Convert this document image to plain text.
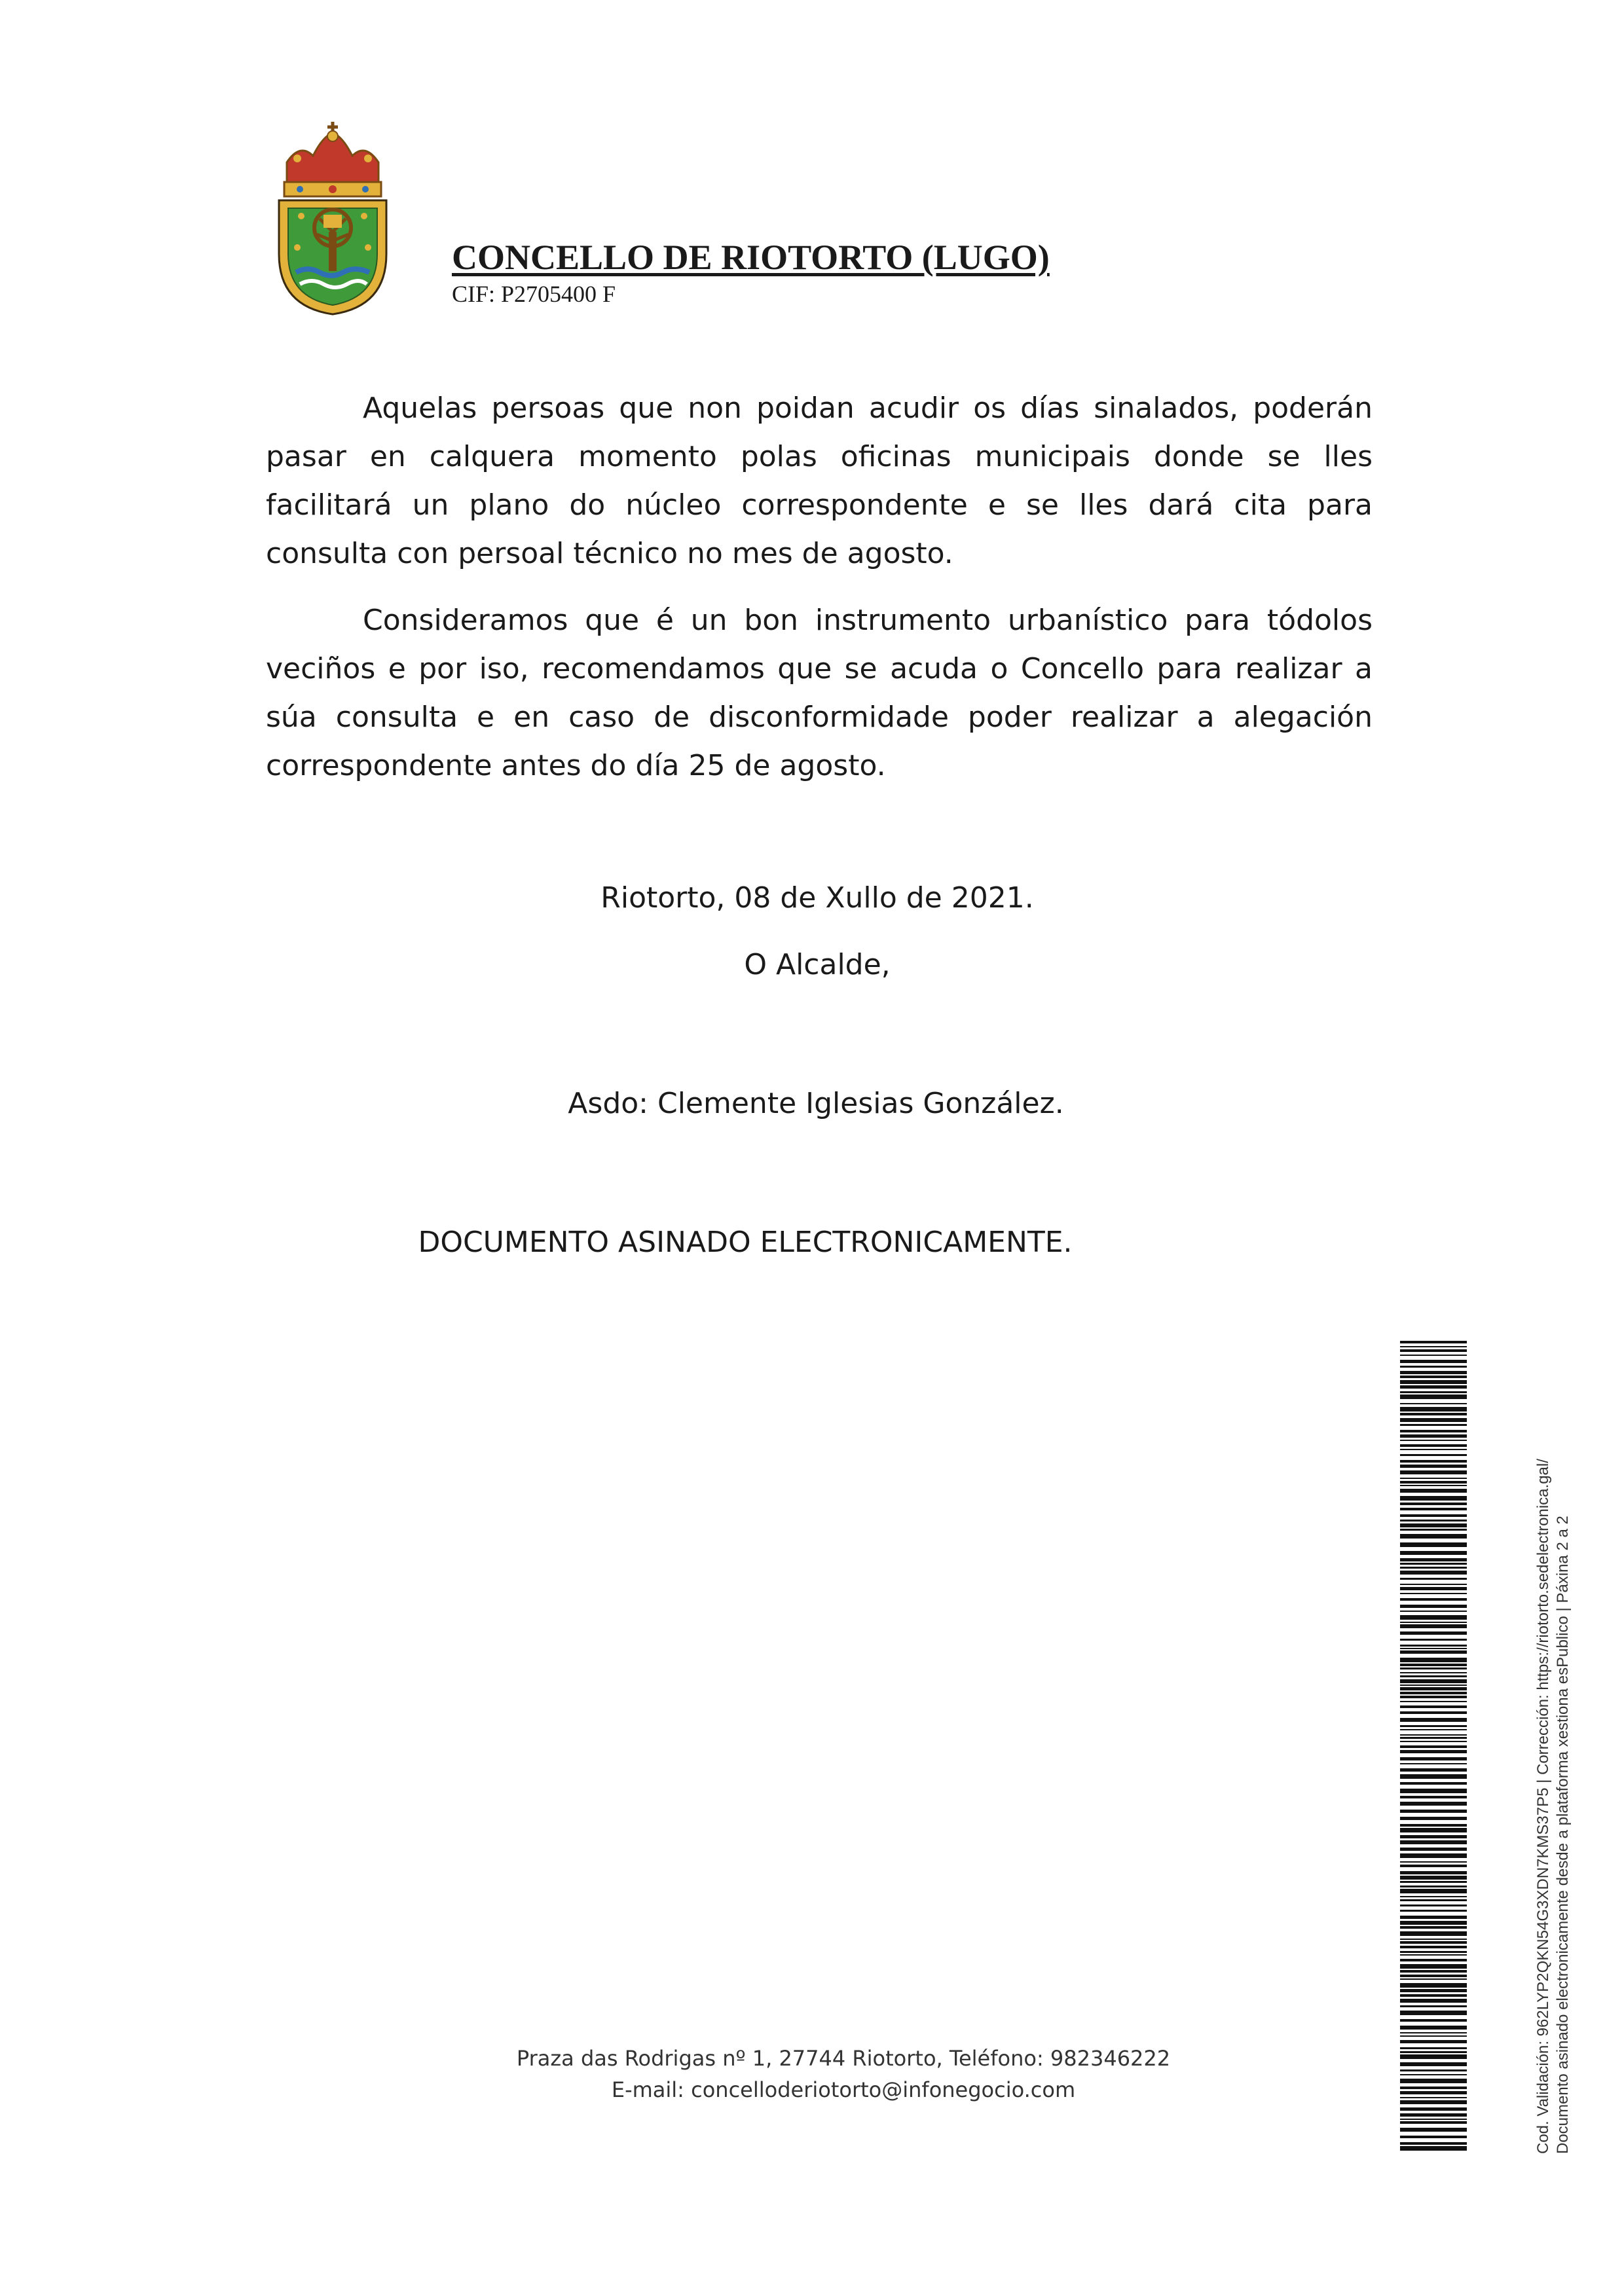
CONCELLO DE RIOTORTO (LUGO)
CIF: P2705400 F

Aquelas persoas que non poidan acudir os días sinalados, poderán pasar en calquera momento polas oficinas municipais donde se lles facilitará un plano do núcleo correspondente e se lles dará cita para consulta con persoal técnico no mes de agosto.

Consideramos que é un bon instrumento urbanístico para tódolos veciños e por iso, recomendamos que se acuda o Concello para realizar a súa consulta e en caso de disconformidade poder realizar a alegación correspondente antes do día 25 de agosto.

Riotorto, 08 de Xullo de 2021.
O Alcalde,
Asdo: Clemente Iglesias González.
DOCUMENTO ASINADO ELECTRONICAMENTE.
Praza das Rodrigas nº 1, 27744 Riotorto, Teléfono: 982346222
E-mail: concelloderiotorto@infonegocio.com	Cod. Validación: 962LYP2QKN54G3XDN7KMS37P5 | Corrección: https://riotorto.sedelectronica.gal/ Documento asinado electronicamente desde a plataforma xestiona esPublico | Páxina 2 a 2
